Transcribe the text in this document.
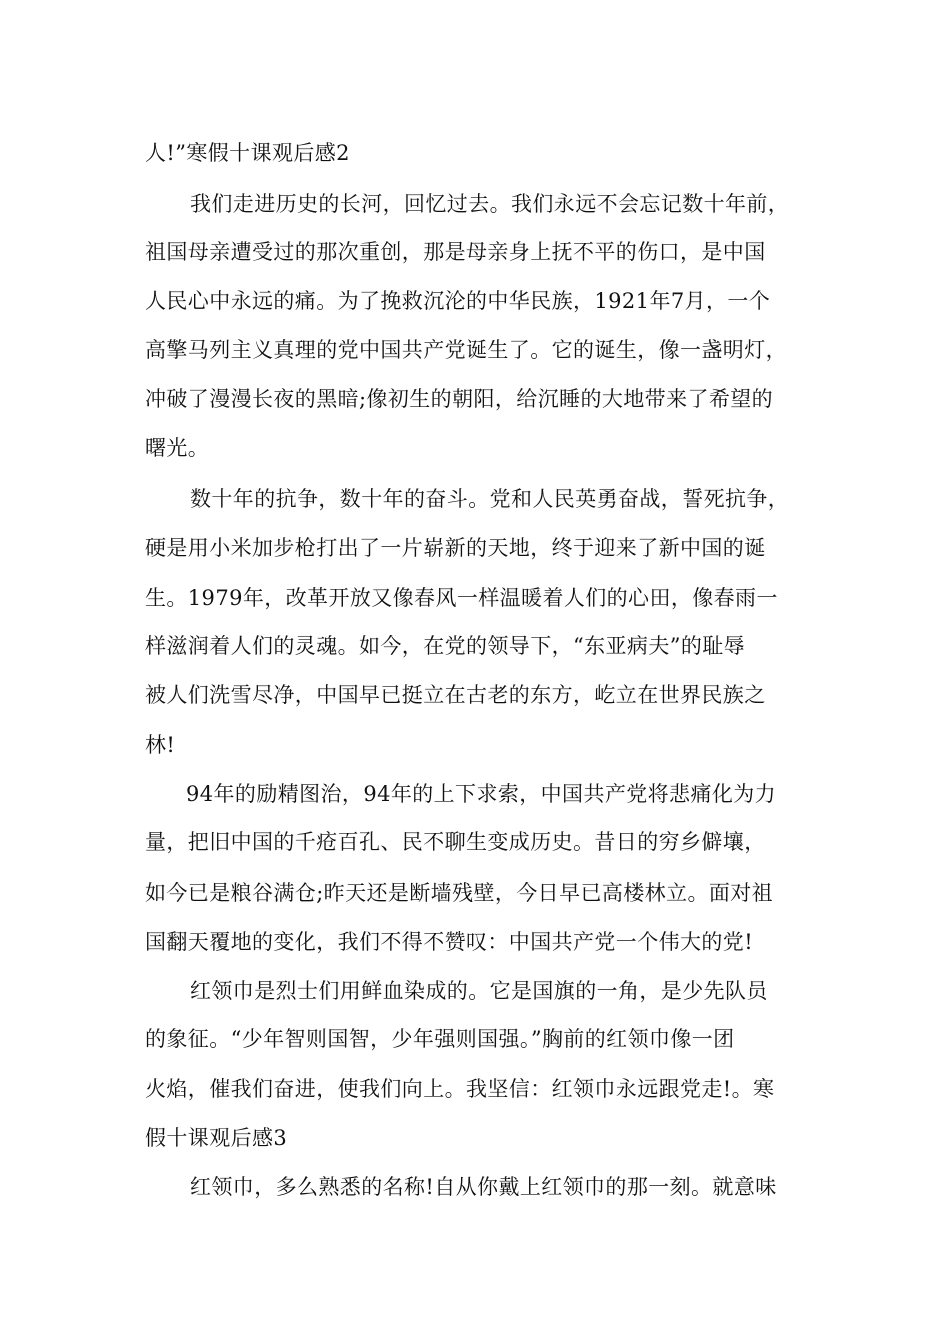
人!”寒假十课观后感2
我们走进历史的长河，回忆过去。我们永远不会忘记数十年前，
祖国母亲遭受过的那次重创，那是母亲身上抚不平的伤口，是中国
人民心中永远的痛。为了挽救沉沦的中华民族，1921年7月，一个
高擎马列主义真理的党中国共产党诞生了。它的诞生，像一盏明灯，
冲破了漫漫长夜的黑暗;像初生的朝阳，给沉睡的大地带来了希望的
曙光。
数十年的抗争，数十年的奋斗。党和人民英勇奋战，誓死抗争，
硬是用小米加步枪打出了一片崭新的天地，终于迎来了新中国的诞
生。1979年，改革开放又像春风一样温暖着人们的心田，像春雨一
样滋润着人们的灵魂。如今，在党的领导下，“东亚病夫”的耻辱
被人们洗雪尽净，中国早已挺立在古老的东方，屹立在世界民族之
林!
94年的励精图治，94年的上下求索，中国共产党将悲痛化为力
量，把旧中国的千疮百孔、民不聊生变成历史。昔日的穷乡僻壤，
如今已是粮谷满仓;昨天还是断墙残壁，今日早已高楼林立。面对祖
国翻天覆地的变化，我们不得不赞叹：中国共产党一个伟大的党!
红领巾是烈士们用鲜血染成的。它是国旗的一角，是少先队员
的象征。“少年智则国智，少年强则国强。”胸前的红领巾像一团
火焰，催我们奋进，使我们向上。我坚信：红领巾永远跟党走!。寒
假十课观后感3
红领巾，多么熟悉的名称!自从你戴上红领巾的那一刻。就意味
